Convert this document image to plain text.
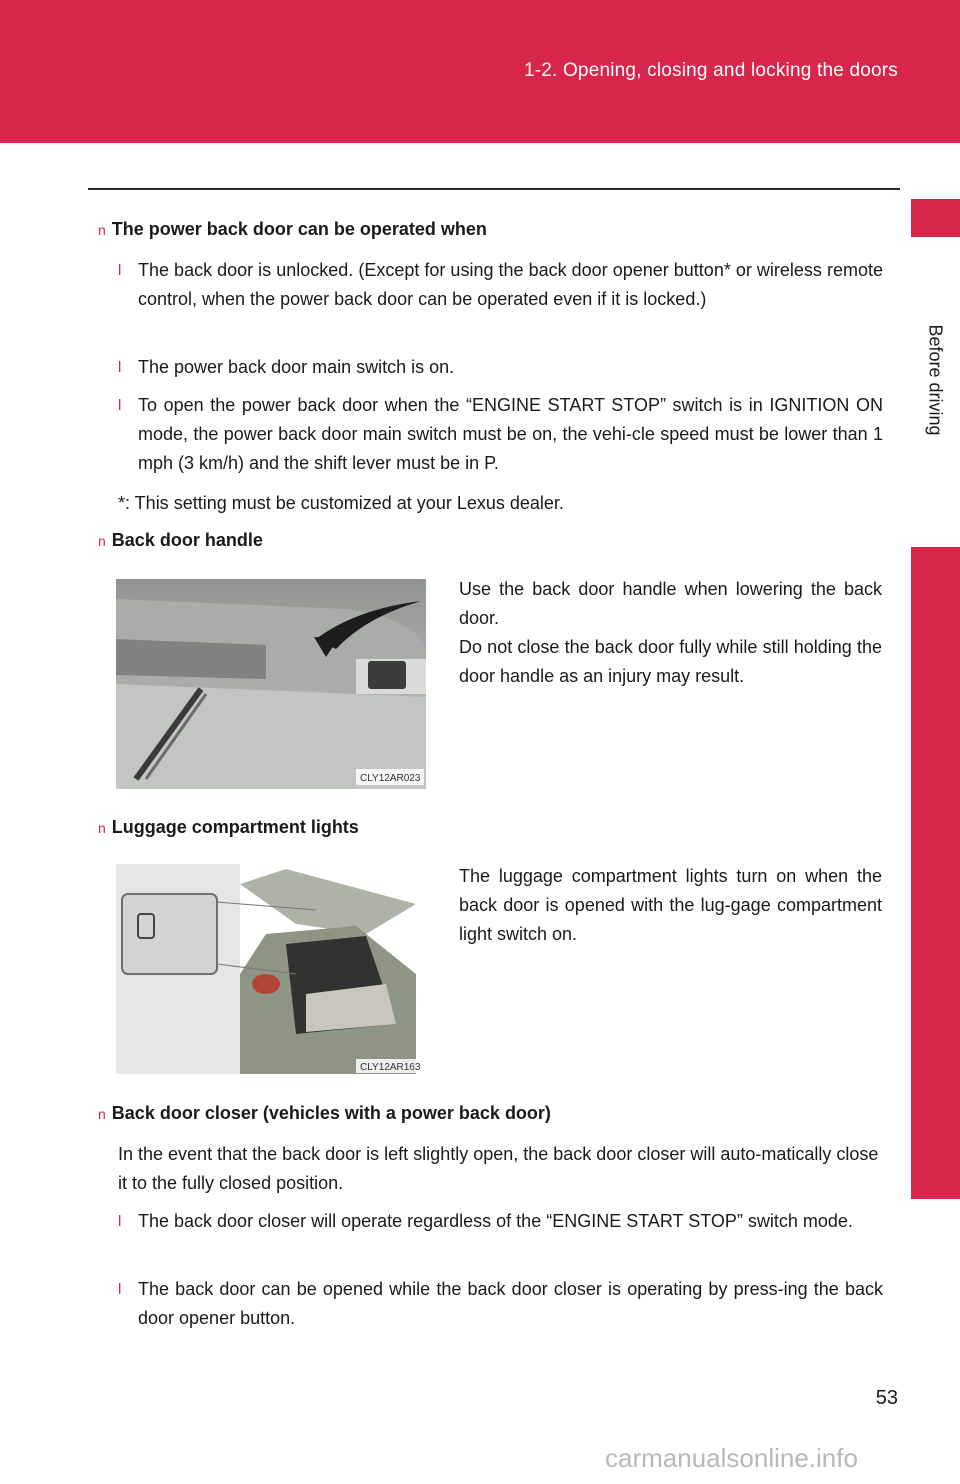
1-2. Opening, closing and locking the doors
1
Before driving
n The power back door can be operated when
l The back door is unlocked. (Except for using the back door opener button* or wireless remote control, when the power back door can be operated even if it is locked.)
l The power back door main switch is on.
l To open the power back door when the “ENGINE START STOP” switch is in IGNITION ON mode, the power back door main switch must be on, the vehi-cle speed must be lower than 1 mph (3 km/h) and the shift lever must be in P.
*: This setting must be customized at your Lexus dealer.
n Back door handle
CLY12AR023
Use the back door handle when lowering the back door.
Do not close the back door fully while still holding the door handle as an injury may result.
n Luggage compartment lights
CLY12AR163
The luggage compartment lights turn on when the back door is opened with the lug-gage compartment light switch on.
n Back door closer (vehicles with a power back door)
In the event that the back door is left slightly open, the back door closer will auto-matically close it to the fully closed position.
l The back door closer will operate regardless of the “ENGINE START STOP” switch mode.
l The back door can be opened while the back door closer is operating by press-ing the back door opener button.
53
carmanualsonline.info
